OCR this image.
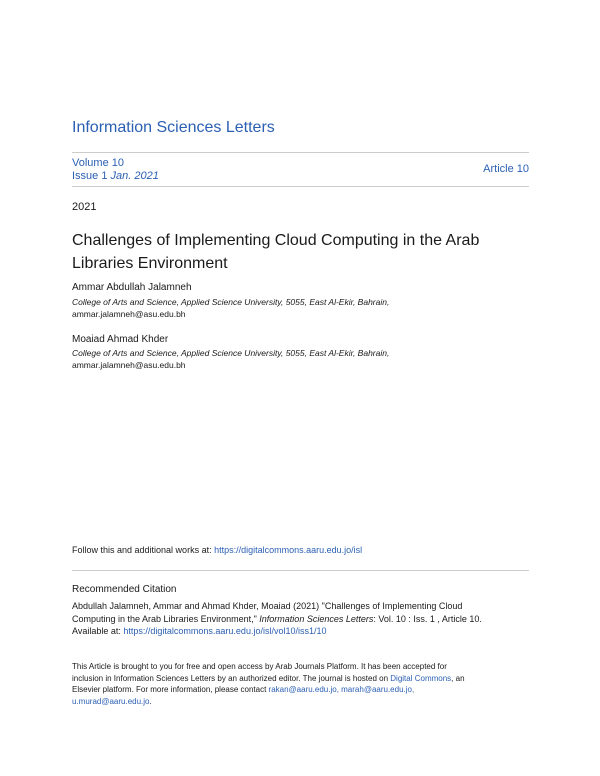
Information Sciences Letters
Volume 10
Issue 1 Jan. 2021
Article 10
2021
Challenges of Implementing Cloud Computing in the Arab
Libraries Environment
Ammar Abdullah Jalamneh
College of Arts and Science, Applied Science University, 5055, East Al-Ekir, Bahrain,
ammar.jalamneh@asu.edu.bh
Moaiad Ahmad Khder
College of Arts and Science, Applied Science University, 5055, East Al-Ekir, Bahrain,
ammar.jalamneh@asu.edu.bh
Follow this and additional works at: https://digitalcommons.aaru.edu.jo/isl
Recommended Citation
Abdullah Jalamneh, Ammar and Ahmad Khder, Moaiad (2021) "Challenges of Implementing Cloud
Computing in the Arab Libraries Environment," Information Sciences Letters: Vol. 10 : Iss. 1 , Article 10.
Available at: https://digitalcommons.aaru.edu.jo/isl/vol10/iss1/10
This Article is brought to you for free and open access by Arab Journals Platform. It has been accepted for
inclusion in Information Sciences Letters by an authorized editor. The journal is hosted on Digital Commons, an
Elsevier platform. For more information, please contact rakan@aaru.edu.jo, marah@aaru.edu.jo,
u.murad@aaru.edu.jo.
